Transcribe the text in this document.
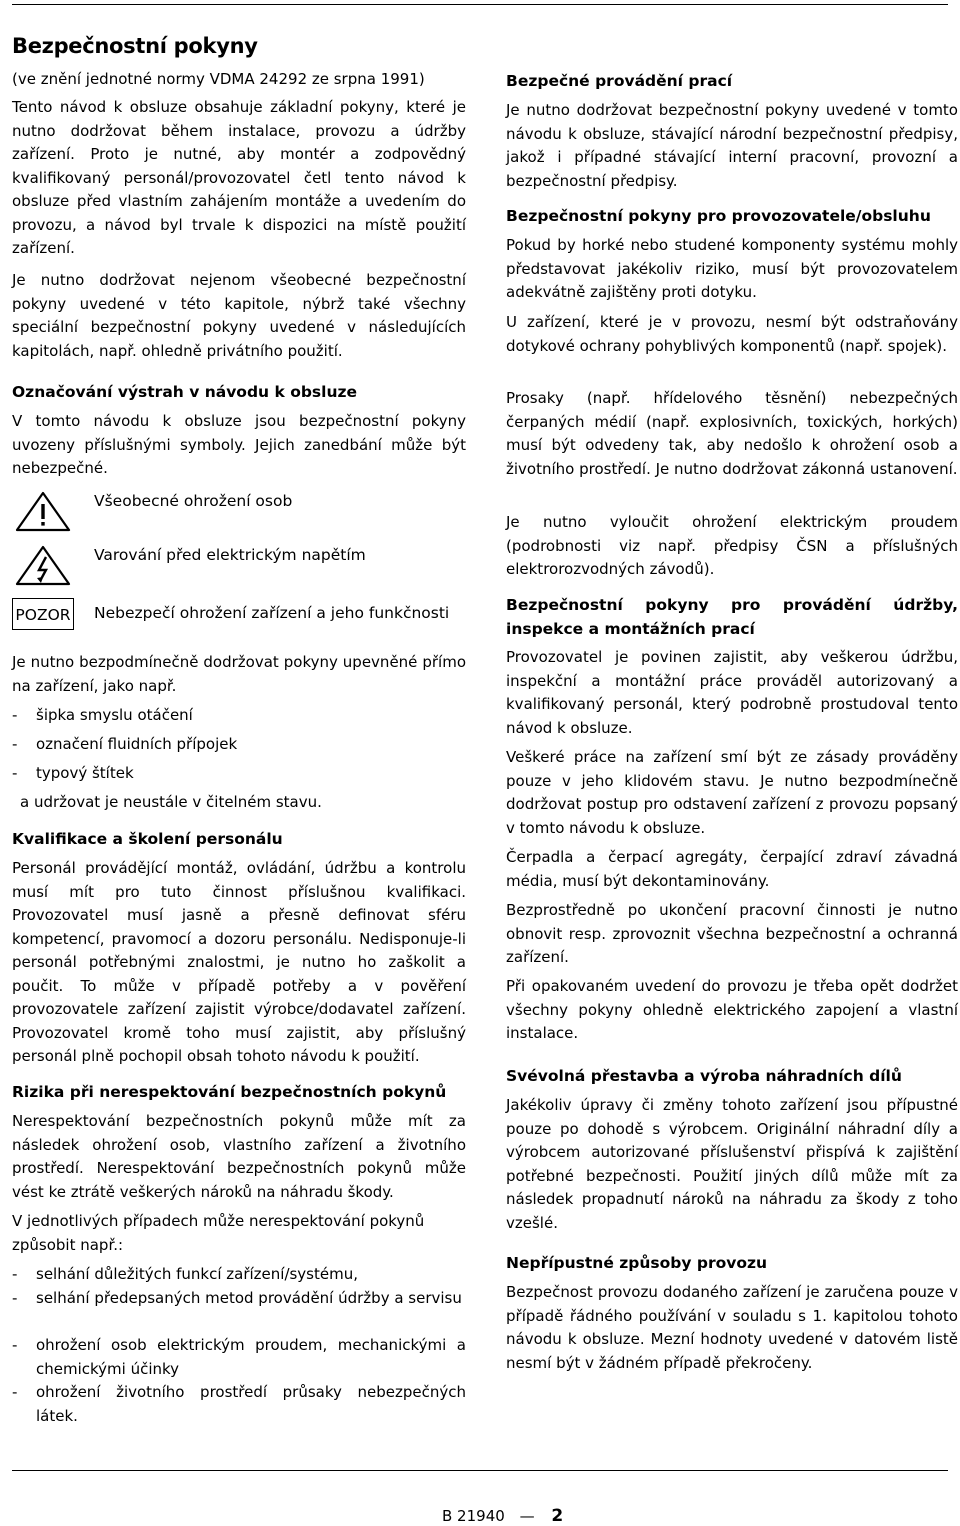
Bezpečnostní pokyny
(ve znění jednotné normy VDMA 24292 ze srpna 1991)
Tento návod k obsluze obsahuje základní pokyny, které je nutno dodržovat během instalace, provozu a údržby zařízení. Proto je nutné, aby montér a zodpovědný kvalifikovaný personál/provozovatel četl tento návod k obsluze před vlastním zahájením montáže a uvedením do provozu, a návod byl trvale k dispozici na místě použití zařízení.
Je nutno dodržovat nejenom všeobecné bezpečnostní pokyny uvedené v této kapitole, nýbrž také všechny speciální bezpečnostní pokyny uvedené v následujících kapitolách, např. ohledně privátního použití.
Označování výstrah v návodu k obsluze
V tomto návodu k obsluze jsou bezpečnostní pokyny uvozeny příslušnými symboly. Jejich zanedbání může být nebezpečné.
Všeobecné ohrožení osob
Varování před elektrickým napětím
POZOR Nebezpečí ohrožení zařízení a jeho funkčnosti
Je nutno bezpodmínečně dodržovat pokyny upevněné přímo na zařízení, jako např.
- šipka smyslu otáčení
- označení fluidních přípojek
- typový štítek
a udržovat je neustále v čitelném stavu.
Kvalifikace a školení personálu
Personál provádějící montáž, ovládání, údržbu a kontrolu musí mít pro tuto činnost příslušnou kvalifikaci. Provozovatel musí jasně a přesně definovat sféru kompetencí, pravomocí a dozoru personálu. Nedisponuje-li personál potřebnými znalostmi, je nutno ho zaškolit a poučit. To může v případě potřeby a v pověření provozovatele zařízení zajistit výrobce/dodavatel zařízení. Provozovatel kromě toho musí zajistit, aby příslušný personál plně pochopil obsah tohoto návodu k použití.
Rizika při nerespektování bezpečnostních pokynů
Nerespektování bezpečnostních pokynů může mít za následek ohrožení osob, vlastního zařízení a životního prostředí. Nerespektování bezpečnostních pokynů může vést ke ztrátě veškerých nároků na náhradu škody.
V jednotlivých případech může nerespektování pokynů způsobit např.:
- selhání důležitých funkcí zařízení/systému,
- selhání předepsaných metod provádění údržby a servisu
- ohrožení osob elektrickým proudem, mechanickými a chemickými účinky
- ohrožení životního prostředí průsaky nebezpečných látek.
Bezpečné provádění prací
Je nutno dodržovat bezpečnostní pokyny uvedené v tomto návodu k obsluze, stávající národní bezpečnostní předpisy, jakož i případné stávající interní pracovní, provozní a bezpečnostní předpisy.
Bezpečnostní pokyny pro provozovatele/obsluhu
Pokud by horké nebo studené komponenty systému mohly představovat jakékoliv riziko, musí být provozovatelem adekvátně zajištěny proti dotyku.
U zařízení, které je v provozu, nesmí být odstraňovány dotykové ochrany pohyblivých komponentů (např. spojek).
Prosaky (např. hřídelového těsnění) nebezpečných čerpaných médií (např. explosivních, toxických, horkých) musí být odvedeny tak, aby nedošlo k ohrožení osob a životního prostředí. Je nutno dodržovat zákonná ustanovení.
Je nutno vyloučit ohrožení elektrickým proudem (podrobnosti viz např. předpisy ČSN a příslušných elektrorozvodných závodů).
Bezpečnostní pokyny pro provádění údržby, inspekce a montážních prací
Provozovatel je povinen zajistit, aby veškerou údržbu, inspekční a montážní práce prováděl autorizovaný a kvalifikovaný personál, který podrobně prostudoval tento návod k obsluze.
Veškeré práce na zařízení smí být ze zásady prováděny pouze v jeho klidovém stavu. Je nutno bezpodmínečně dodržovat postup pro odstavení zařízení z provozu popsaný v tomto návodu k obsluze.
Čerpadla a čerpací agregáty, čerpající zdraví závadná média, musí být dekontaminovány.
Bezprostředně po ukončení pracovní činnosti je nutno obnovit resp. zprovoznit všechna bezpečnostní a ochranná zařízení.
Při opakovaném uvedení do provozu je třeba opět dodržet všechny pokyny ohledně elektrického zapojení a vlastní instalace.
Svévolná přestavba a výroba náhradních dílů
Jakékoliv úpravy či změny tohoto zařízení jsou přípustné pouze po dohodě s výrobcem. Originální náhradní díly a výrobcem autorizované příslušenství přispívá k zajištění potřebné bezpečnosti. Použití jiných dílů může mít za následek propadnutí nároků na náhradu za škody z toho vzešlé.
Nepřípustné způsoby provozu
Bezpečnost provozu dodaného zařízení je zaručena pouze v případě řádného používání v souladu s 1. kapitolou tohoto návodu k obsluze. Mezní hodnoty uvedené v datovém listě nesmí být v žádném případě překročeny.
B 21940 — 2
